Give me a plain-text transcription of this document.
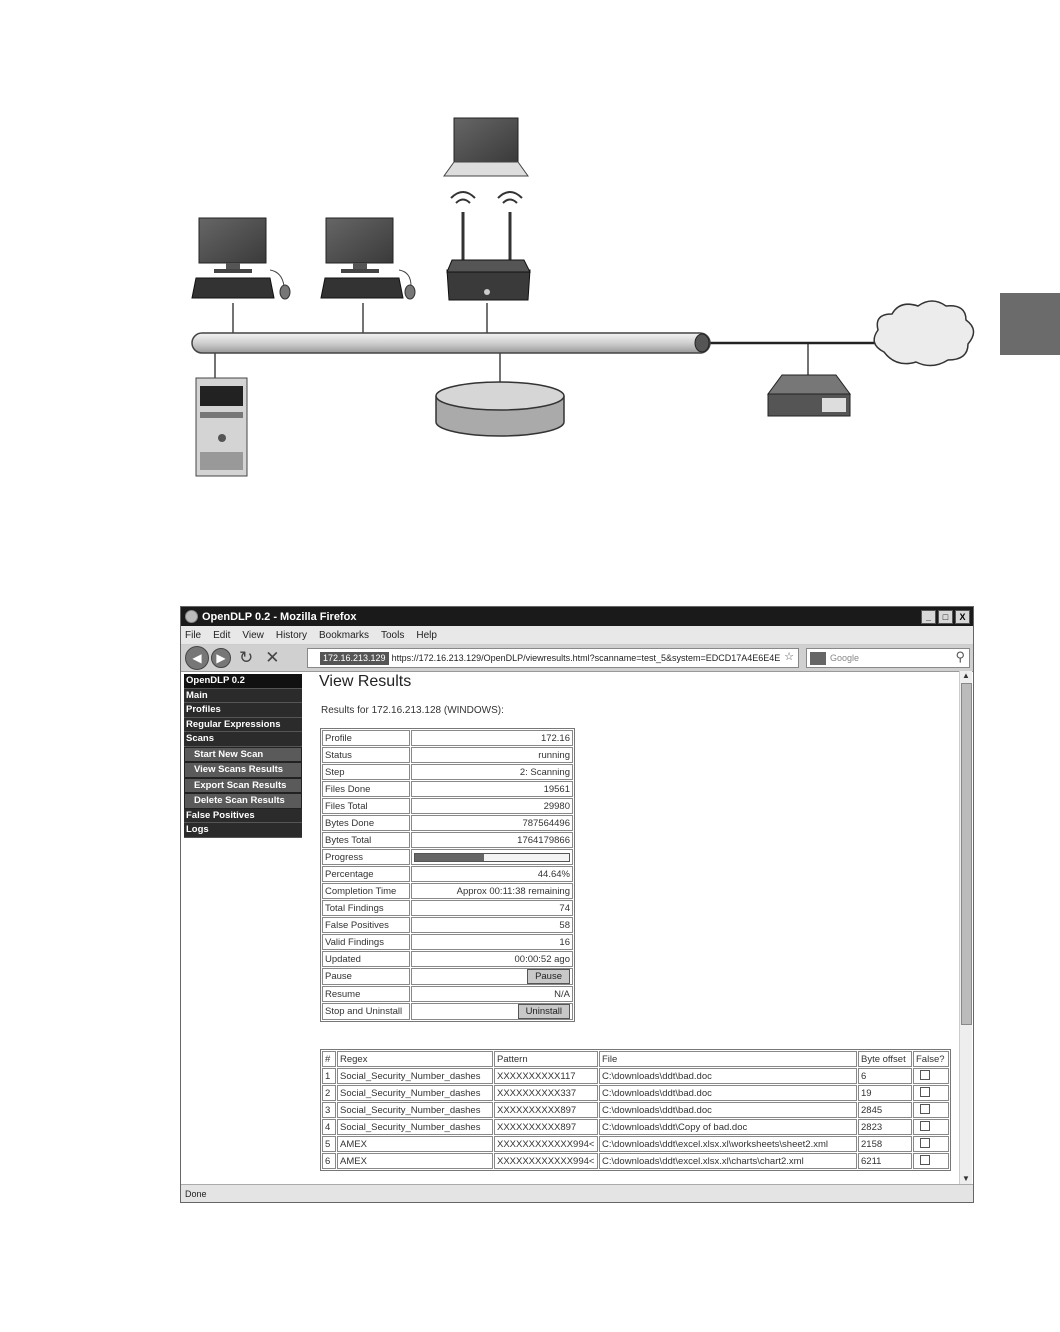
OpenDLP 0.2 - Mozilla Firefox	_	□	X
File Edit View History Bookmarks Tools Help
◀	▶ ↻ ✕	172.16.213.129 https://172.16.213.129/OpenDLP/viewresults.html?scanname=test_5&system=EDCD17A4E6E4E ☆	Google	⚲
OpenDLP 0.2
Main
Profiles
Regular Expressions
Scans
Start New Scan
View Scans Results
Export Scan Results
Delete Scan Results
False Positives
Logs
View Results
Results for 172.16.213.128 (WINDOWS):
Profile	172.16
Status	running
Step	2: Scanning
Files Done	19561
Files Total	29980
Bytes Done	787564496
Bytes Total	1764179866
Progress	

Percentage	44.64%
Completion Time	Approx 00:11:38 remaining
Total Findings	74
False Positives	58
Valid Findings	16
Updated	00:00:52 ago
Pause	Pause
Resume	N/A
Stop and Uninstall	Uninstall
#	Regex	Pattern	File	Byte offset	False?
1	Social_Security_Number_dashes	XXXXXXXXXX117	C:\downloads\ddt\bad.doc	6	
2	Social_Security_Number_dashes	XXXXXXXXXX337	C:\downloads\ddt\bad.doc	19	
3	Social_Security_Number_dashes	XXXXXXXXXX897	C:\downloads\ddt\bad.doc	2845	
4	Social_Security_Number_dashes	XXXXXXXXXX897	C:\downloads\ddt\Copy of bad.doc	2823	
5	AMEX	XXXXXXXXXXXX994<	C:\downloads\ddt\excel.xlsx.xl\worksheets\sheet2.xml	2158	
6	AMEX	XXXXXXXXXXXX994<	C:\downloads\ddt\excel.xlsx.xl\charts\chart2.xml	6211	
▲
▼
Done
